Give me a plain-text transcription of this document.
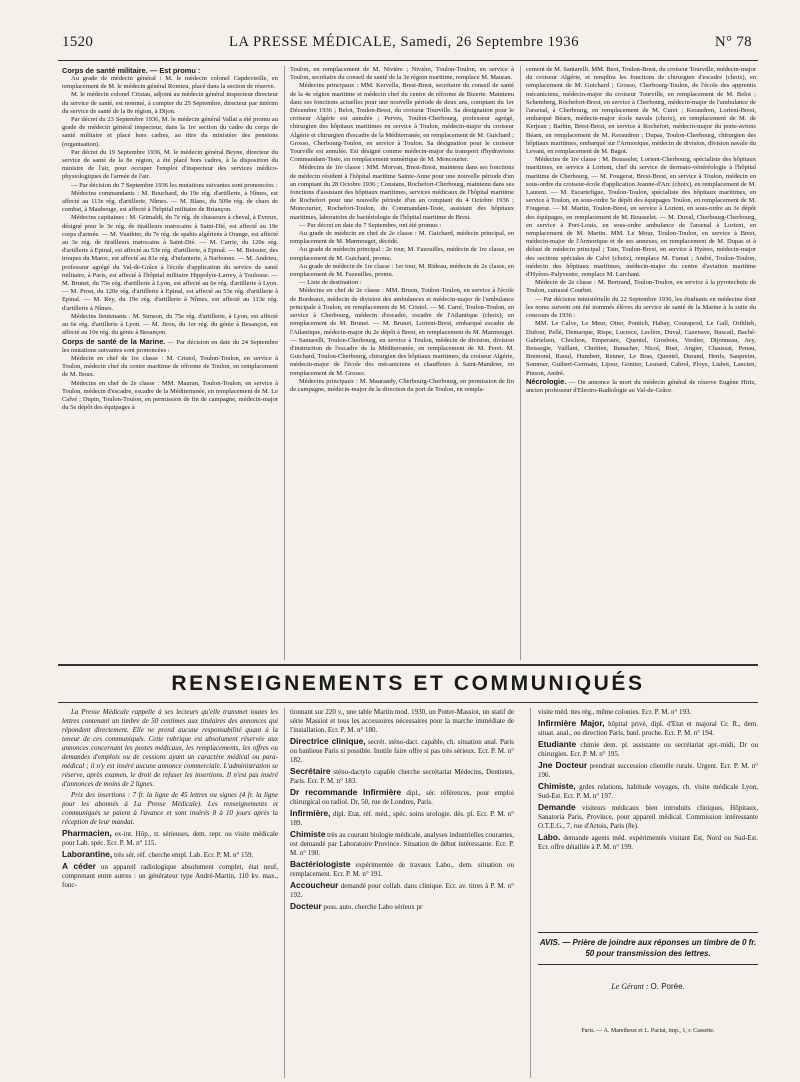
1520	LA PRESSE MÉDICALE, Samedi, 26 Septembre 1936	N° 78
Corps de santé militaire. — Est promu :

Au grade de médecin général : M. le médecin colonel Capdevieille, en remplacement de M. le médecin général Romieu, placé dans la section de réserve.

M. le médecin colonel Cristau, adjoint au médecin général inspecteur directeur du service de santé, est nommé, à compter du 25 Septembre, directeur par intérim du service de santé de la 8e région, à Dijon.

Par décret du 23 Septembre 1936, M. le médecin général Vallat a été promu au grade de médecin général inspecteur, dans la 1re section du cadre du corps de santé militaire et placé hors cadres, au titre du ministère des pensions (organisation).

Par décret du 19 Septembre 1936, M. le médecin général Beyne, directeur du service de santé de la 8e région, a été placé hors cadres, à la disposition du ministre de l'air, pour occuper l'emploi d'inspecteur des services médico-physiologiques de l'armée de l'air.

— Par décision du 7 Septembre 1936 les mutations suivantes sont prononcées :

Médecins commandants : M. Bouchard, du 19e rég. d'artillerie, à Nîmes, est affecté au 113e rég. d'artillerie, Nîmes. — M. Blanc, du 509e rég. de chars de combat, à Maubeuge, est affecté à l'hôpital militaire de Briançon.

Médecins capitaines : M. Grimaldi, du 7e rég. de chasseurs à cheval, à Evreux, désigné pour le 3e rég. de tirailleurs marocains à Saint-Dié, est affecté au 19e corps d'armée. — M. Vuathier, du 7e rég. de spahis algériens à Orange, est affecté au 3e rég. de tirailleurs marocains à Saint-Dié. — M. Carrie, du 120e rég. d'artillerie à Epinal, est affecté au 53e rég. d'artillerie, à Epinal. — M. Beissier, des troupes du Maroc, est affecté au 81e rég. d'infanterie, à Narbonne. — M. Andrieu, professeur agrégé du Val-de-Grâce à l'école d'application du service de santé militaire, à Paris, est affecté à l'hôpital militaire Hippolyte-Larrey, à Toulouse. — M. Brunet, du 75e rég. d'artillerie à Lyon, est affecté au 6e rég. d'artillerie à Lyon. — M. Prost, du 120e rég. d'artillerie à Epinal, est affecté au 53e rég. d'artillerie à Epinal. — M. Rey, du 19e rég. d'artillerie à Nîmes, est affecté au 113e rég. d'artillerie à Nîmes.

Médecins lieutenants : M. Simson, du 75e rég. d'artillerie, à Lyon, est affecté au 6e rég. d'artillerie à Lyon. — M. Jirou, du 1er rég. du génie à Besançon, est affecté au 10e rég. du génie à Besançon.

Corps de santé de la Marine. — Par décision en date du 24 Septembre les mutations suivantes sont prononcées :

Médecin en chef de 1re classe : M. Cristol, Toulon-Toulon, en service à Toulon, médecin chef du centre maritime de réforme de Toulon, en remplacement de M. Boux.

Médecins en chef de 2e classe : MM. Mauran, Toulon-Toulon, en service à Toulon, médecin d'escadre, escadre de la Méditerranée, en remplacement de M. Le Calvé ; Dupin, Toulon-Toulon, en permission de fin de campagne, médecin-major du 5e dépôt des équipages à

Toulon, en remplacement de M. Nivière ; Nivière, Toulon-Toulon, en service à Toulon, secrétaire du conseil de santé de la 3e région maritime, remplace M. Mauran.

Médecins principaux : MM. Kervella, Brest-Brest, secrétaire du conseil de santé de la 4e région maritime et médecin chef du centre de réforme de Bizerte. Maintenu dans ses fonctions actuelles pour une nouvelle période de deux ans, comptant du 1er Décembre 1936 ; Belot, Toulon-Brest, du croiseur Tourville. Sa désignation pour le croiseur Algérie est annulée ; Perves, Toulon-Cherbourg, professeur agrégé, chirurgien des hôpitaux maritimes en service à Toulon, médecin-major du croiseur Algérie et chirurgien d'escadre de la Méditerranée, en remplacement de M. Guichard ; Grosso, Cherbourg-Toulon, en service à Toulon. Sa désignation pour le croiseur Tourville est annulée. Est désigné comme médecin-major du transport d'hydravions Commandant-Teste, en remplacement numérique de M. Moncourier.

Médecins de 1re classe : MM. Morvan, Brest-Brest, maintenu dans ses fonctions de médecin résident à l'hôpital maritime Sainte-Anne pour une nouvelle période d'un an comptant du 28 Octobre 1936 ; Constans, Rochefort-Cherbourg, maintenu dans ses fonctions d'assistant des hôpitaux maritimes, services médicaux de l'hôpital maritime de Rochefort pour une nouvelle période d'un an comptant du 4 Octobre 1936 ; Moncourier, Rochefort-Toulon, du Commandant-Teste, assistant des hôpitaux maritimes, laboratoire de bactériologie de l'hôpital maritime de Brest.

— Par décret en date du 7 Septembre, ont été promus :

Au grade de médecin en chef de 2e classe : M. Guichard, médecin principal, en remplacement de M. Marmouget, décédé.

Au grade de médecin principal : 2e tour, M. Fazeuilles, médecin de 1re classe, en remplacement de M. Guichard, promu.

Au grade de médecin de 1re classe : 1er tour, M. Rideau, médecin de 2e classe, en remplacement de M. Fazeuilles, promu.

— Liste de destination :

Médecins en chef de 2e classe : MM. Bruon, Toulon-Toulon, en service à l'école de Bordeaux, médecin de division des ambulances et médecin-major de l'ambulance principale à Toulon, en remplacement de M. Cristol. — M. Carré, Toulon-Toulon, en service à Cherbourg, médecin d'escadre, escadre de l'Atlantique (choix), en remplacement de M. Brunet. — M. Brunet, Lorient-Brest, embarqué escadre de l'Atlantique, médecin-major du 2e dépôt à Brest, en remplacement de M. Marmouget. — Santarelli, Toulon-Cherbourg, en service à Toulon, médecin de division, division d'instruction de l'escadre de la Méditerranée, en remplacement de M. Feret. M. Guichard, Toulon-Cherbourg, chirurgien des hôpitaux maritimes, du croiseur Algérie, médecin-major de l'école des mécaniciens et chauffeurs à Saint-Mandrier, en remplacement de M. Grosso.

Médecins principaux : M. Maurandy, Cherbourg-Cherbourg, en permission de fin de campagne, médecin-major de la direction du port de Toulon, en rempla-

cement de M. Santarelli. MM. Beot, Toulon-Brest, du croiseur Tourville, médecin-major du croiseur Algérie, et remplira les fonctions de chirurgien d'escadre (choix), en remplacement de M. Guichard ; Grosso, Cherbourg-Toulon, de l'école des apprentis mécaniciens, médecin-major du croiseur Tourville, en remplacement de M. Belot ; Schemberg, Rochefort-Brest, en service à Cherbourg, médecin-major de l'ambulance de l'arsenal, à Cherbourg, en remplacement de M. Curet ; Keraudren, Lorient-Brest, embarqué Béarn, médecin-major école navale (choix), en remplacement de M. de Kerjean ; Barbin, Brest-Brest, en service à Rochefort, médecin-major du porte-avions Béarn, en remplacement de M. Keraudren ; Dupas, Toulon-Cherbourg, chirurgien des hôpitaux maritimes, embarqué sur l'Armorique, médecin de division, division navale du Levant, en remplacement de M. Bagot.

Médecins de 1re classe : M. Bousselet, Lorient-Cherbourg, spécialiste des hôpitaux maritimes, en service à Lorient, chef du service de dermato-vénéréologie à l'hôpital maritime de Cherbourg. — M. Fougerat, Brest-Brest, en service à Toulon, médecin en sous-ordre du croiseur-école d'application Jeanne-d'Arc (choix), en remplacement de M. Laurent. — M. Escartefigue, Toulon-Toulon, spécialiste des hôpitaux maritimes, en service à Toulon, en sous-ordre 5e dépôt des équipages Toulon, en remplacement de M. Fougerat. — M. Martin, Toulon-Brest, en service à Lorient, en sous-ordre au 3e dépôt des équipages, en remplacement de M. Bousselet. — M. Duval, Cherbourg-Cherbourg, en service à Port-Louis, en sous-ordre ambulance de l'arsenal à Lorient, en remplacement de M. Martin. MM. Le Mour, Toulon-Toulon, en service à Brest, médecin-major de l'Armorique et de ses annexes, en remplacement de M. Dupas et à défaut de médecin principal ; Tain, Toulon-Brest, en service à Hyères, médecin-major des sections spéciales de Calvi (choix), remplace M. Fumat ; André, Toulon-Toulon, médecin des hôpitaux maritimes, médecin-major du centre d'aviation maritime d'Hyères-Palyvestre, remplace M. Larchant.

Médecin de 2e classe : M. Bertrand, Toulon-Toulon, en service à la pyrotechnie de Toulon, cuirassé Courbet.

— Par décision ministérielle du 22 Septembre 1936, les étudiants en médecine dont les noms suivent ont été nommés élèves du service de santé de la Marine à la suite du concours de 1936 :

MM. Le Calve, Le Meur, Otter, Pontich, Habay, Couraprod, Le Gall, Orthlieb, Dufour, Pellé, Demarque, Rispe, Lucrece, Leclère, Duval, Cazenave, Buscail, Baché-Gabrielsen, Chochon, Emperaire, Quentel, Grosbois, Verdier, Dijonneau, Avy, Beissegie, Vaillant, Chrétien, Bunacher, Nicol, Buet, Angier, Chaussat, Penau, Bremond, Raoul, Humbert, Renner, Le Bras, Quentel, Durand, Henfs, Saupreim, Sommer, Guibert-Germain, Lijour, Gontier, Lesnard, Cabrol, Ploye, Liabot, Lancien, Pinson, André.

Nécrologie. — On annonce la mort du médecin général de réserve Eugène Hirtz, ancien professeur d'Electro-Radiologie au Val-de-Grâce.

RENSEIGNEMENTS ET COMMUNIQUÉS

La Presse Médicale rappelle à ses lecteurs qu'elle transmet toutes les lettres contenant un timbre de 50 centimes aux titulaires des annonces qui répondent directement. Elle ne prend aucune responsabilité quant à la teneur de ces communiqués. Cette rubrique est absolument réservée aux annonces concernant les postes médicaux, les remplacements, les offres ou demandes d'emplois ou de cessions ayant un caractère médical ou para-médical ; il n'y est inséré aucune annonce commerciale. L'administration se réserve, après examen, le droit de refuser les insertions. Il n'est pas inséré d'annonces de moins de 2 lignes.

Prix des insertions : 7 fr. la ligne de 45 lettres ou signes (4 fr. la ligne pour les abonnés à La Presse Médicale). Les renseignements et communiqués se paient à l'avance et sont insérés 8 à 10 jours après la réception de leur mandat.

Pharmacien, ex-int. Hôp., tr. sérieuses, dem. repr. ou visite médicale pour Lab. spéc. Ecr. P. M. n° 115.

Laborantine, très sér. réf. cherche empl. Lab. Ecr. P. M. n° 159.

A céder un appareil radiologique absolument complet, état neuf, comprenant entre autres : un générateur type André-Martin, 110 kv. max., fonc-

tionnant sur 220 v., une table Martin mod. 1930, un Potter-Massiot, un statif de série Massiot et tous les accessoires nécessaires pour la marche immédiate de l'installation. Ecr. P. M. n° 180.

Directrice clinique, secrét. sténo-dact. capable, ch. situation anal. Paris ou banlieue Paris si possible. Inutile faire offre si pas très sérieux. Ecr. P. M. n° 182.

Secrétaire sténo-dactylo capable cherche secrétariat Médecins, Dentistes, Paris. Ecr. P. M. n° 183.

Dr recommande Infirmière dipl., sér. références, pour emploi chirurgical ou radiol. Dr, 50, rue de Londres, Paris.

Infirmière, dipl. Etat, réf. méd., spéc. soins urologie. dés. pl. Ecr. P. M. n° 189.

Chimiste très au courant biologie médicale, analyses industrielles courantes, est demandé par Laboratoire Province. Situation de début intéressante. Ecr. P. M. n° 190.

Bactériologiste expérimentée de travaux Labo., dem. situation ou remplacement. Ecr. P. M. n° 191.

Accoucheur demandé pour collab. dans clinique. Ecr. av. titres à P. M. n° 192.

Docteur poss. auto. cherche Labo sérieux pr

visite méd. ttes rég., même colonies. Ecr. P. M. n° 193.

Infirmière Major, hôpital privé, dipl. d'Etat et majoral Cr. R., dem. situat. anal., ou direction Paris, banl. proche. Ecr. P. M. n° 194.

Etudiante chimie dem. pl. assistante ou secrétariat apr.-midi, Dr ou chirurgien. Ecr. P. M. n° 195.

Jne Docteur prendrait succession clientèle rurale. Urgent. Ecr. P. M. n° 196.

Chimiste, grdes relations, habitude voyages, ch. visite médicale Lyon, Sud-Est. Ecr. P. M. n° 197.

Demande visiteurs médicaux bien introduits cliniques, Hôpitaux, Sanatoria Paris, Province, pour appareil médical. Commission intéressante O.T.E.G., 7, rue d'Artois, Paris (8e).

Labo. demande agents méd. expérimentés visitant Est, Nord ou Sud-Est. Ecr. offre détaillée à P. M. n° 199.

AVIS. — Prière de joindre aux réponses un timbre de 0 fr. 50 pour transmission des lettres.
Le Gérant : O. Porée.
Paris. — A. Maretheux et L. Pactat, imp., 1, r. Cassette.
